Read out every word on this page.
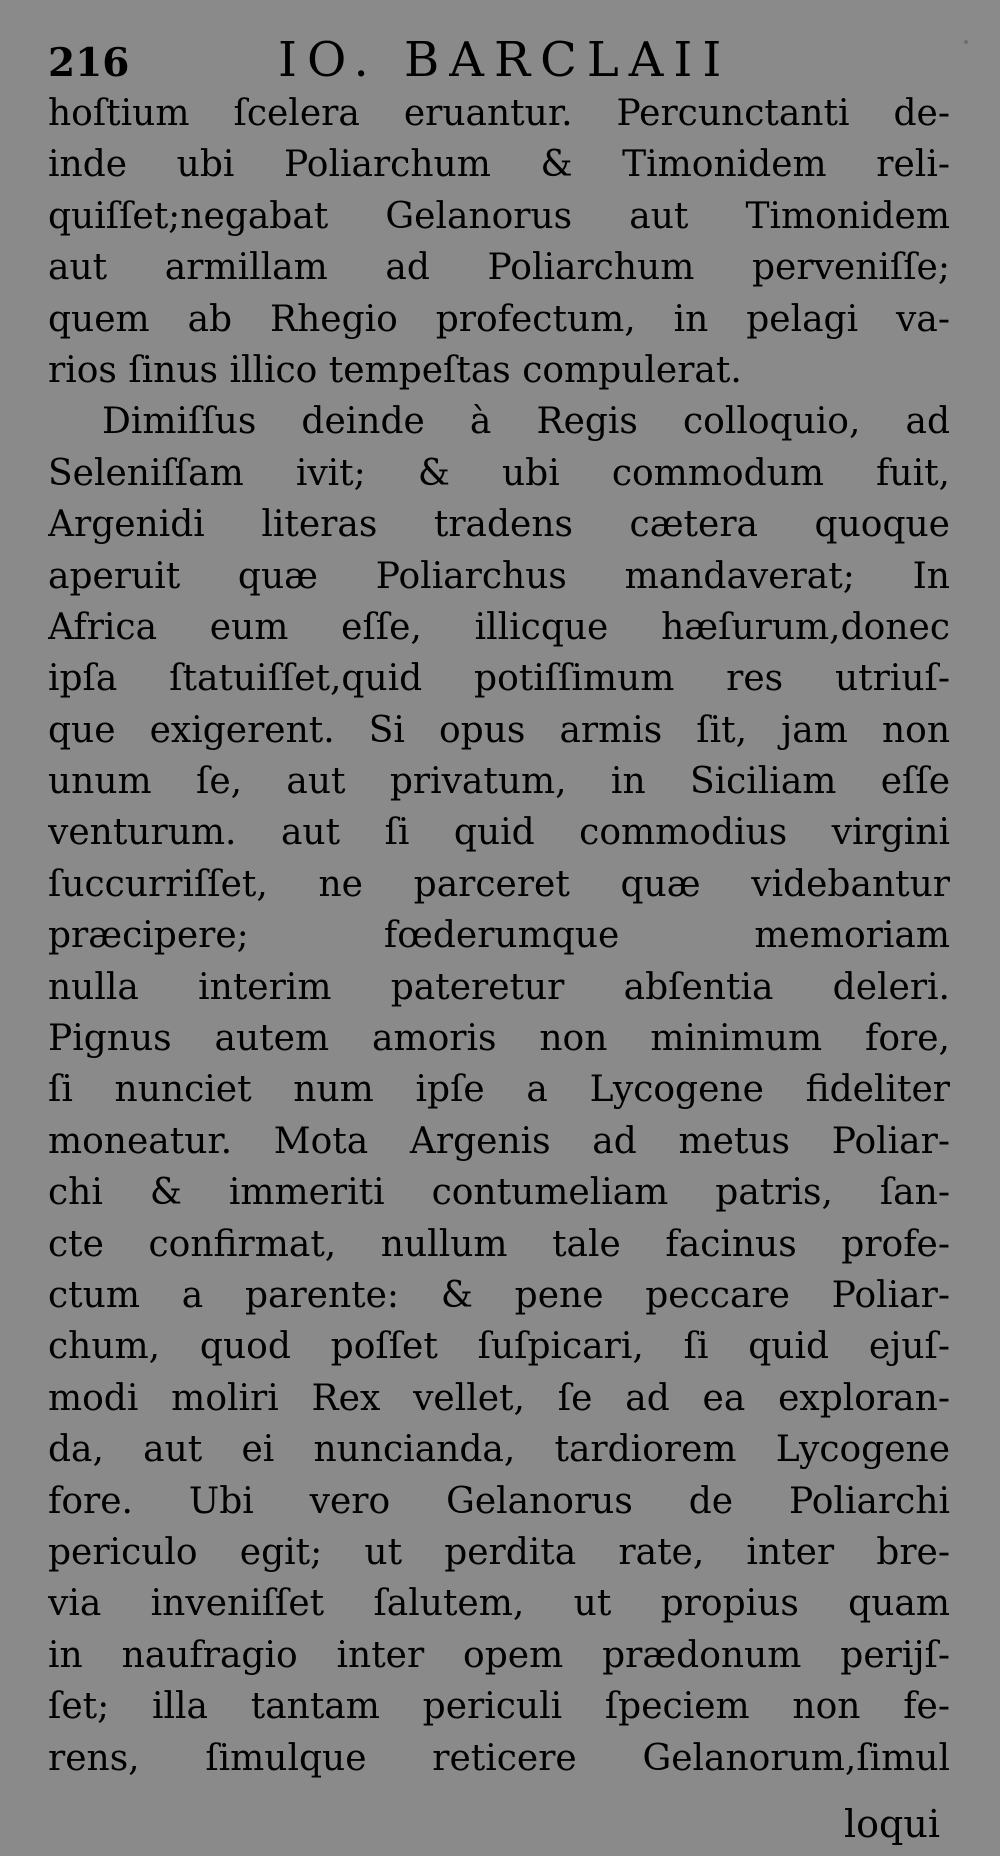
216	IO. BARCLAII
hoſtium ſcelera eruantur. Percunctanti de-
inde ubi Poliarchum & Timonidem reli-
quiſſet;negabat Gelanorus aut Timonidem
aut armillam ad Poliarchum perveniſſe;
quem ab Rhegio profectum, in pelagi va-
rios ſinus illico tempeſtas compulerat.
Dimiſſus deinde à Regis colloquio, ad
Seleniſſam ivit; & ubi commodum fuit,
Argenidi literas tradens cætera quoque
aperuit quæ Poliarchus mandaverat; In
Africa eum eſſe, illicque hæſurum,donec
ipſa ſtatuiſſet,quid potiſſimum res utriuſ-
que exigerent. Si opus armis ſit, jam non
unum ſe, aut privatum, in Siciliam eſſe
venturum. aut ſi quid commodius virgini
ſuccurriſſet, ne parceret quæ videbantur
præcipere; fœderumque memoriam
nulla interim pateretur abſentia deleri.
Pignus autem amoris non minimum fore,
ſi nunciet num ipſe a Lycogene fideliter
moneatur. Mota Argenis ad metus Poliar-
chi & immeriti contumeliam patris, ſan-
cte confirmat, nullum tale facinus profe-
ctum a parente: & pene peccare Poliar-
chum, quod poſſet ſuſpicari, ſi quid ejuſ-
modi moliri Rex vellet, ſe ad ea exploran-
da, aut ei nuncianda, tardiorem Lycogene
fore. Ubi vero Gelanorus de Poliarchi
periculo egit; ut perdita rate, inter bre-
via inveniſſet ſalutem, ut propius quam
in naufragio inter opem prædonum perijſ-
ſet; illa tantam periculi ſpeciem non fe-
rens, ſimulque reticere Gelanorum,ſimul
loqui
